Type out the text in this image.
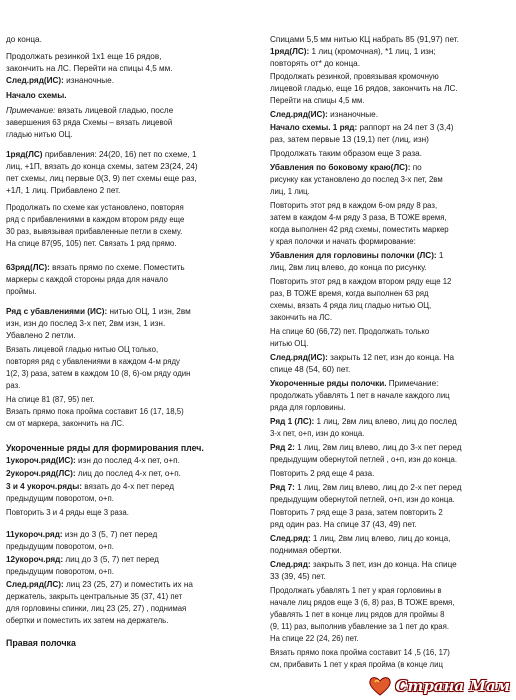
до конца.
Продолжать резинкой 1x1 еще 16 рядов,
закончить на ЛС. Перейти на спицы 4,5 мм.
След.ряд(ИС): изнаночные.
Начало схемы.
Примечание: вязать лицевой гладью, после
завершения 63 ряда Схемы – вязать лицевой
гладью нитью ОЦ.
1ряд(ЛС) прибавления: 24(20, 16) пет по схеме, 1
лиц, +1П, вязать до конца схемы, затем 23(24, 24)
пет схемы, лиц первые 0(3, 9) пет схемы еще раз,
+1Л, 1 лиц. Прибавлено 2 пет.
Продолжать по схеме как установлено, повторяя
ряд с прибавлениями в каждом втором ряду еще
30 раз, вывязывая прибавленные петли в схему.
На спице 87(95, 105) пет. Связать 1 ряд прямо.
63ряд(ЛС): вязать прямо по схеме. Поместить
маркеры с каждой стороны ряда для начало
проймы.
Ряд с убавлениями (ИС): нитью ОЦ, 1 изн, 2вм
изн, изн до послед 3-х пет, 2вм изн, 1 изн.
Убавлено 2 петли.
Вязать лицевой гладью нитью ОЦ только,
повторяя ряд с убавлениями в каждом 4-м ряду
1(2, 3) раза, затем в каждом 10 (8, 6)-ом ряду один
раз.
На спице 81 (87, 95) пет.
Вязать прямо пока пройма составит 16 (17, 18,5)
см от маркера, закончить на ЛС.
Укороченные ряды для формирования плеч.
1укороч.ряд(ИС): изн до послед 4-х пет, о+п.
2укороч.ряд(ЛС): лиц до послед 4-х пет, о+п.
3 и 4 укороч.ряды: вязать до 4-х пет перед
предыдущим поворотом, о+п.
Повторить 3 и 4 ряды еще 3 раза.
11укороч.ряд: изн до 3 (5, 7) пет перед
предыдущим поворотом, о+п.
12укороч.ряд: лиц до 3 (5, 7) пет перед
предыдущим поворотом, о+п.
След.ряд(ЛС): лиц 23 (25, 27) и поместить их на
держатель, закрыть центральные 35 (37, 41) пет
для горловины спинки, лиц 23 (25, 27) , поднимая
обертки и поместить их затем на держатель.
Правая полочка
Спицами 5,5 мм нитью КЦ набрать 85 (91,97) пет.
1ряд(ЛС): 1 лиц (кромочная), *1 лиц, 1 изн;
повторять от* до конца.
Продолжать резинкой, провязывая кромочную
лицевой гладью, еще 16 рядов, закончить на ЛС.
Перейти на спицы 4,5 мм.
След.ряд(ИС): изнаночные.
Начало схемы. 1 ряд: раппорт на 24 пет 3 (3,4)
раз, затем первые 13 (19,1) пет (лиц, изн)
Продолжать таким образом еще 3 раза.
Убавления по боковому краю(ЛС): по
рисунку как установлено до послед 3-х пет, 2вм
лиц, 1 лиц.
Повторить этот ряд в каждом 6-ом ряду 8 раз,
затем в каждом 4-м ряду 3 раза, В ТОЖЕ время,
когда выполнен 42 ряд схемы, поместить маркер
у края полочки и начать формирование:
Убавления для горловины полочки (ЛС): 1
лиц, 2вм лиц влево, до конца по рисунку.
Повторить этот ряд в каждом втором ряду еще 12
раз, В ТОЖЕ время, когда выполнен 63 ряд
схемы, вязать 4 ряда лиц гладью нитью ОЦ,
закончить на ЛС.
На спице 60 (66,72) пет. Продолжать только
нитью ОЦ.
След.ряд(ИС): закрыть 12 пет, изн до конца. На
спице 48 (54, 60) пет.
Укороченные ряды полочки. Примечание:
продолжать убавлять 1 пет в начале каждого лиц
ряда для горловины.
Ряд 1 (ЛС): 1 лиц, 2вм лиц влево, лиц до послед
3-х пет, о+п, изн до конца.
Ряд 2: 1 лиц, 2вм лиц влево, лиц до 3-х пет перед
предыдущим обернутой петлей , о+п, изн до конца.
Повторить 2 ряд еще 4 раза.
Ряд 7: 1 лиц, 2вм лиц влево, лиц до 2-х пет перед
предыдущим обернутой петлей, о+п, изн до конца.
Повторить 7 ряд еще 3 раза, затем повторить 2
ряд один раз. На спице 37 (43, 49) пет.
След.ряд: 1 лиц, 2вм лиц влево, лиц до конца,
поднимая обертки.
След.ряд: закрыть 3 пет, изн до конца. На спице
33 (39, 45) пет.
Продолжать убавлять 1 пет у края горловины в
начале лиц рядов еще 3 (6, 8) раз, В ТОЖЕ время,
убавлять 1 пет в конце лиц рядов для проймы 8
(9, 11) раз, выполнив убавление за 1 пет до края.
На спице 22 (24, 26) пет.
Вязать прямо пока пройма составит 14 ,5 (16, 17)
см, прибавить 1 пет у края пройма (в конце лиц
Страна Мам
